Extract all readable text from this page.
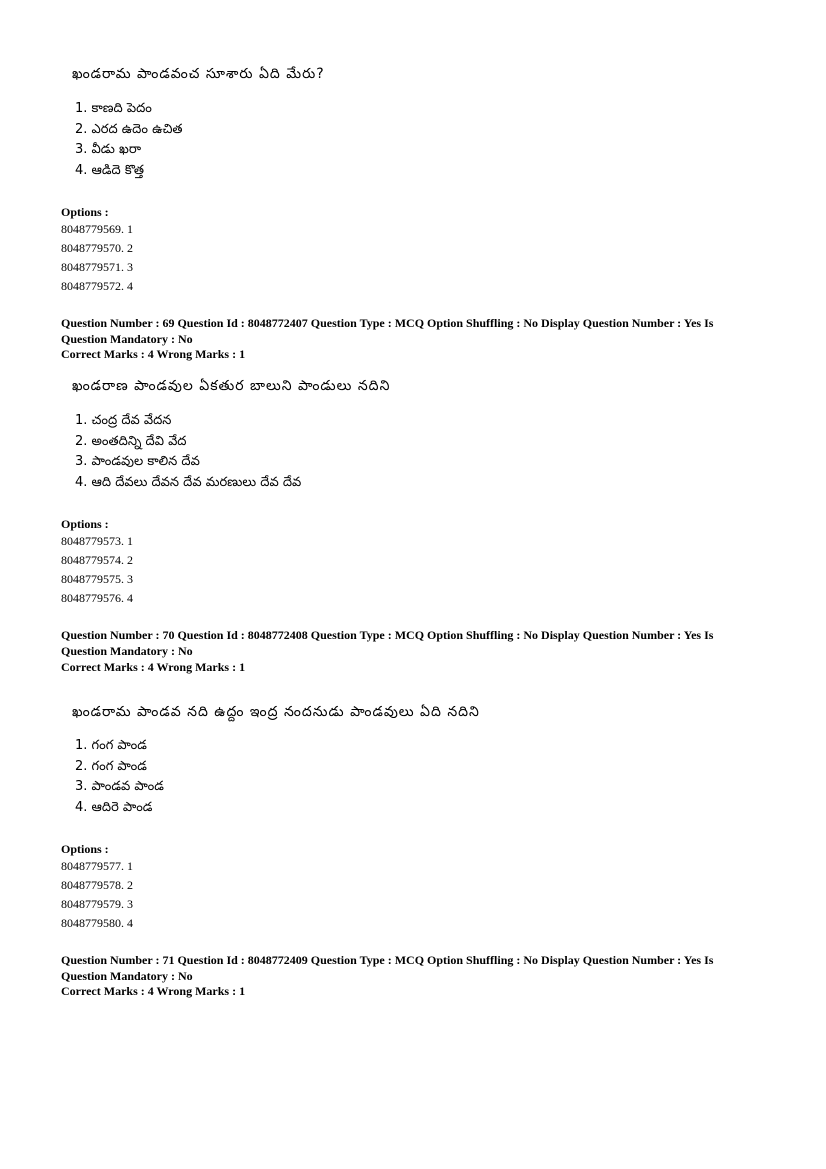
ఖండరామ పాండవంచ సూశారు ఏది మేరు?
1. కాణది పెదం
2. ఎరద ఉదెం ఉచిత
3. వీడు ఖరా
4. ఆడిదె కొత్త
Options :
8048779569. 1
8048779570. 2
8048779571. 3
8048779572. 4
Question Number : 69 Question Id : 8048772407 Question Type : MCQ Option Shuffling : No Display Question Number : Yes Is Question Mandatory : No
Correct Marks : 4 Wrong Marks : 1
ఖండరాణ పాండవుల ఏకతుర బాలుని పాండులు నదిని
1. చంద్ర దేవ వేదన
2. అంతదిన్ని దేవి వేద
3. పాండవుల కాలిన దేవ
4. ఆది దేవలు దేవన దేవ మరణులు దేవ దేవ
Options :
8048779573. 1
8048779574. 2
8048779575. 3
8048779576. 4
Question Number : 70 Question Id : 8048772408 Question Type : MCQ Option Shuffling : No Display Question Number : Yes Is Question Mandatory : No
Correct Marks : 4 Wrong Marks : 1
ఖండరామ పాండవ నది ఉద్దం ఇంద్ర నందనుడు పాండవులు ఏది నదిని
1. గంగ పాండ
2. గంగ పాండ
3. పాండవ పాండ
4. ఆదిరె పాండ
Options :
8048779577. 1
8048779578. 2
8048779579. 3
8048779580. 4
Question Number : 71 Question Id : 8048772409 Question Type : MCQ Option Shuffling : No Display Question Number : Yes Is Question Mandatory : No
Correct Marks : 4 Wrong Marks : 1
